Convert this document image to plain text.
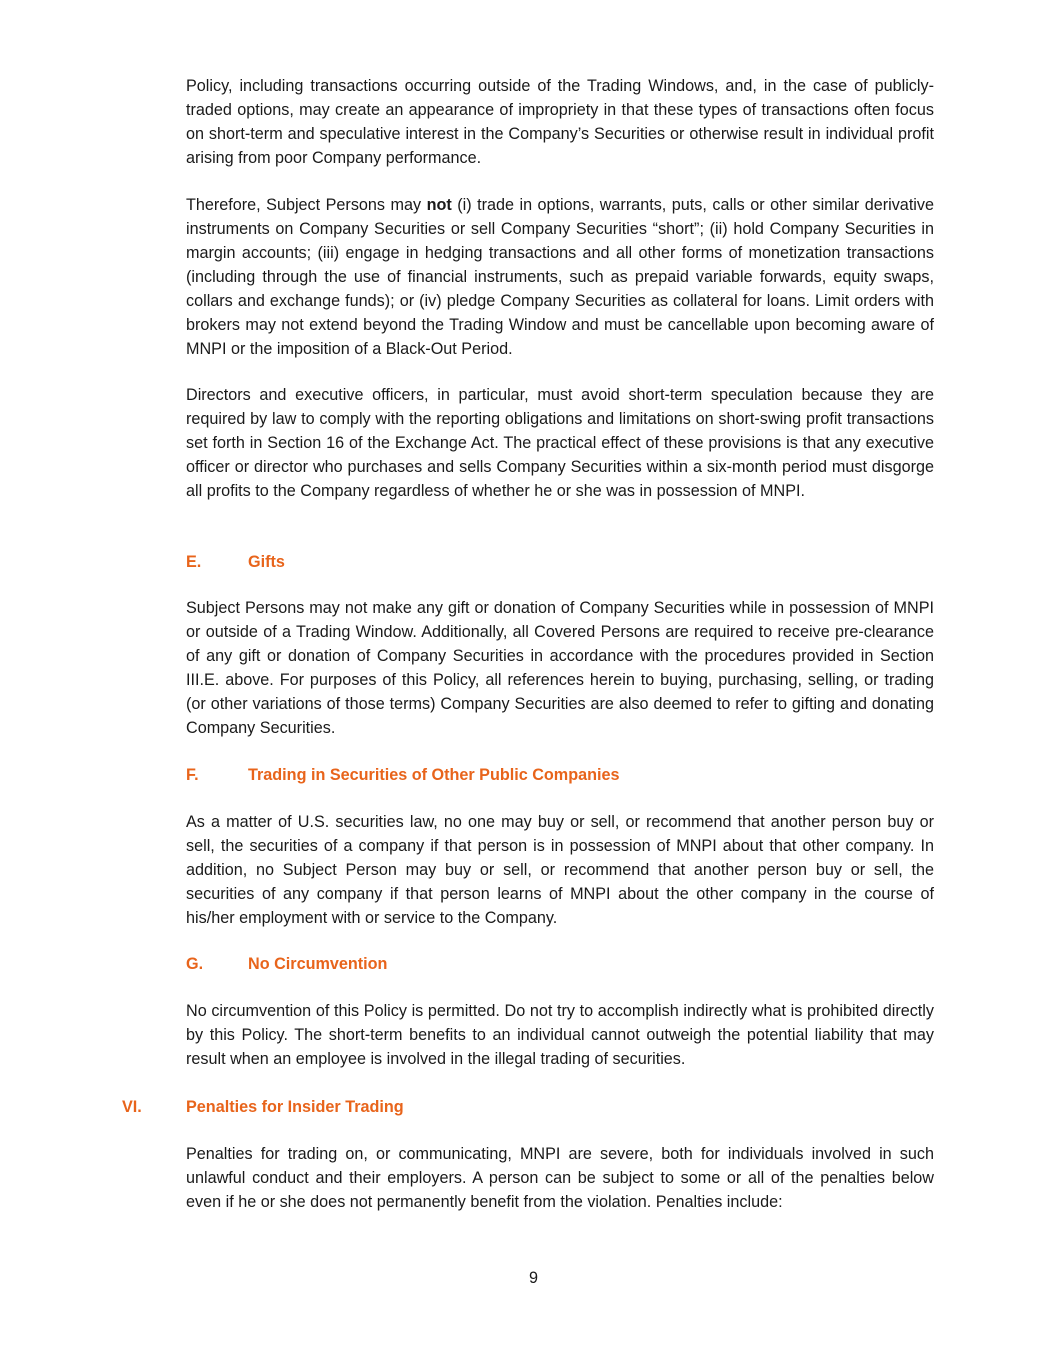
Policy, including transactions occurring outside of the Trading Windows, and, in the case of publicly-traded options, may create an appearance of impropriety in that these types of transactions often focus on short-term and speculative interest in the Company’s Securities or otherwise result in individual profit arising from poor Company performance.

Therefore, Subject Persons may not (i) trade in options, warrants, puts, calls or other similar derivative instruments on Company Securities or sell Company Securities “short”; (ii) hold Company Securities in margin accounts; (iii) engage in hedging transactions and all other forms of monetization transactions (including through the use of financial instruments, such as prepaid variable forwards, equity swaps, collars and exchange funds); or (iv) pledge Company Securities as collateral for loans. Limit orders with brokers may not extend beyond the Trading Window and must be cancellable upon becoming aware of MNPI or the imposition of a Black-Out Period.

Directors and executive officers, in particular, must avoid short-term speculation because they are required by law to comply with the reporting obligations and limitations on short-swing profit transactions set forth in Section 16 of the Exchange Act. The practical effect of these provisions is that any executive officer or director who purchases and sells Company Securities within a six-month period must disgorge all profits to the Company regardless of whether he or she was in possession of MNPI.

E.	Gifts

Subject Persons may not make any gift or donation of Company Securities while in possession of MNPI or outside of a Trading Window. Additionally, all Covered Persons are required to receive pre-clearance of any gift or donation of Company Securities in accordance with the procedures provided in Section III.E. above. For purposes of this Policy, all references herein to buying, purchasing, selling, or trading (or other variations of those terms) Company Securities are also deemed to refer to gifting and donating Company Securities.

F.	Trading in Securities of Other Public Companies

As a matter of U.S. securities law, no one may buy or sell, or recommend that another person buy or sell, the securities of a company if that person is in possession of MNPI about that other company. In addition, no Subject Person may buy or sell, or recommend that another person buy or sell, the securities of any company if that person learns of MNPI about the other company in the course of his/her employment with or service to the Company.

G.	No Circumvention

No circumvention of this Policy is permitted. Do not try to accomplish indirectly what is prohibited directly by this Policy. The short-term benefits to an individual cannot outweigh the potential liability that may result when an employee is involved in the illegal trading of securities.

VI.	Penalties for Insider Trading

Penalties for trading on, or communicating, MNPI are severe, both for individuals involved in such unlawful conduct and their employers. A person can be subject to some or all of the penalties below even if he or she does not permanently benefit from the violation. Penalties include:

9
